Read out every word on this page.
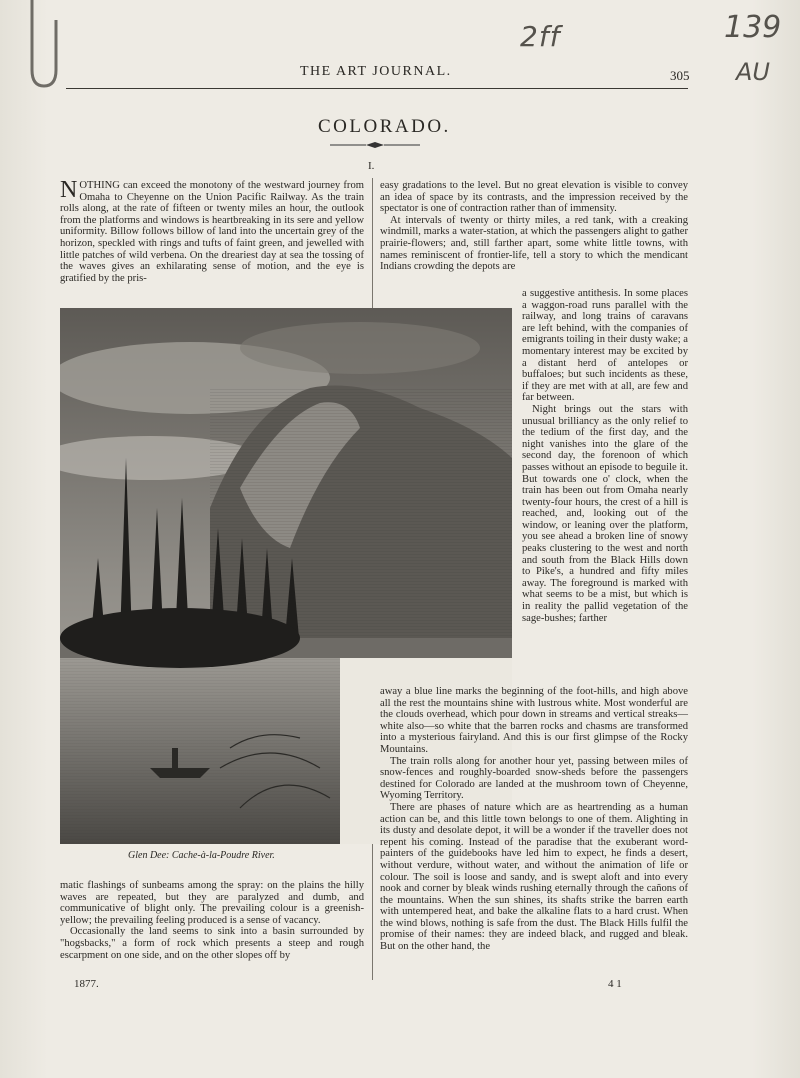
2ff	139
AU
THE ART JOURNAL.	305
COLORADO.
I.

NOTHING can exceed the monotony of the westward journey from Omaha to Cheyenne on the Union Pacific Railway. As the train rolls along, at the rate of fifteen or twenty miles an hour, the outlook from the platforms and windows is heartbreaking in its sere and yellow uniformity. Billow follows billow of land into the uncertain grey of the horizon, speckled with rings and tufts of faint green, and jewelled with little patches of wild verbena. On the dreariest day at sea the tossing of the waves gives an exhilarating sense of motion, and the eye is gratified by the pris-

easy gradations to the level. But no great elevation is visible to convey an idea of space by its contrasts, and the impression received by the spectator is one of contraction rather than of immensity.

At intervals of twenty or thirty miles, a red tank, with a creaking windmill, marks a water-station, at which the passengers alight to gather prairie-flowers; and, still farther apart, some white little towns, with names reminiscent of frontier-life, tell a story to which the mendicant Indians crowding the depots are

a suggestive antithesis. In some places a waggon-road runs parallel with the railway, and long trains of caravans are left behind, with the companies of emigrants toiling in their dusty wake; a momentary interest may be excited by a distant herd of antelopes or buffaloes; but such incidents as these, if they are met with at all, are few and far between.

Night brings out the stars with unusual brilliancy as the only relief to the tedium of the first day, and the night vanishes into the glare of the second day, the forenoon of which passes without an episode to beguile it. But towards one o' clock, when the train has been out from Omaha nearly twenty-four hours, the crest of a hill is reached, and, looking out of the window, or leaning over the platform, you see ahead a broken line of snowy peaks clustering to the west and north and south from the Black Hills down to Pike's, a hundred and fifty miles away. The foreground is marked with what seems to be a mist, but which is in reality the pallid vegetation of the sage-bushes; farther

Glen Dee: Cache-à-la-Poudre River.

away a blue line marks the beginning of the foot-hills, and high above all the rest the mountains shine with lustrous white. Most wonderful are the clouds overhead, which pour down in streams and vertical streaks—white also—so white that the barren rocks and chasms are transformed into a mysterious fairyland. And this is our first glimpse of the Rocky Mountains.

The train rolls along for another hour yet, passing between miles of snow-fences and roughly-boarded snow-sheds before the passengers destined for Colorado are landed at the mushroom town of Cheyenne, Wyoming Territory.

There are phases of nature which are as heartrending as a human action can be, and this little town belongs to one of them. Alighting in its dusty and desolate depot, it will be a wonder if the traveller does not repent his coming. Instead of the paradise that the exuberant word-painters of the guidebooks have led him to expect, he finds a desert, without verdure, without water, and without the animation of life or colour. The soil is loose and sandy, and is swept aloft and into every nook and corner by bleak winds rushing eternally through the cañons of the mountains. When the sun shines, its shafts strike the barren earth with untempered heat, and bake the alkaline flats to a hard crust. When the wind blows, nothing is safe from the dust. The Black Hills fulfil the promise of their names: they are indeed black, and rugged and bleak. But on the other hand, the

matic flashings of sunbeams among the spray: on the plains the hilly waves are repeated, but they are paralyzed and dumb, and communicative of blight only. The prevailing colour is a greenish-yellow; the prevailing feeling produced is a sense of vacancy.

Occasionally the land seems to sink into a basin surrounded by "hogsbacks," a form of rock which presents a steep and rough escarpment on one side, and on the other slopes off by

1877.	4 1
